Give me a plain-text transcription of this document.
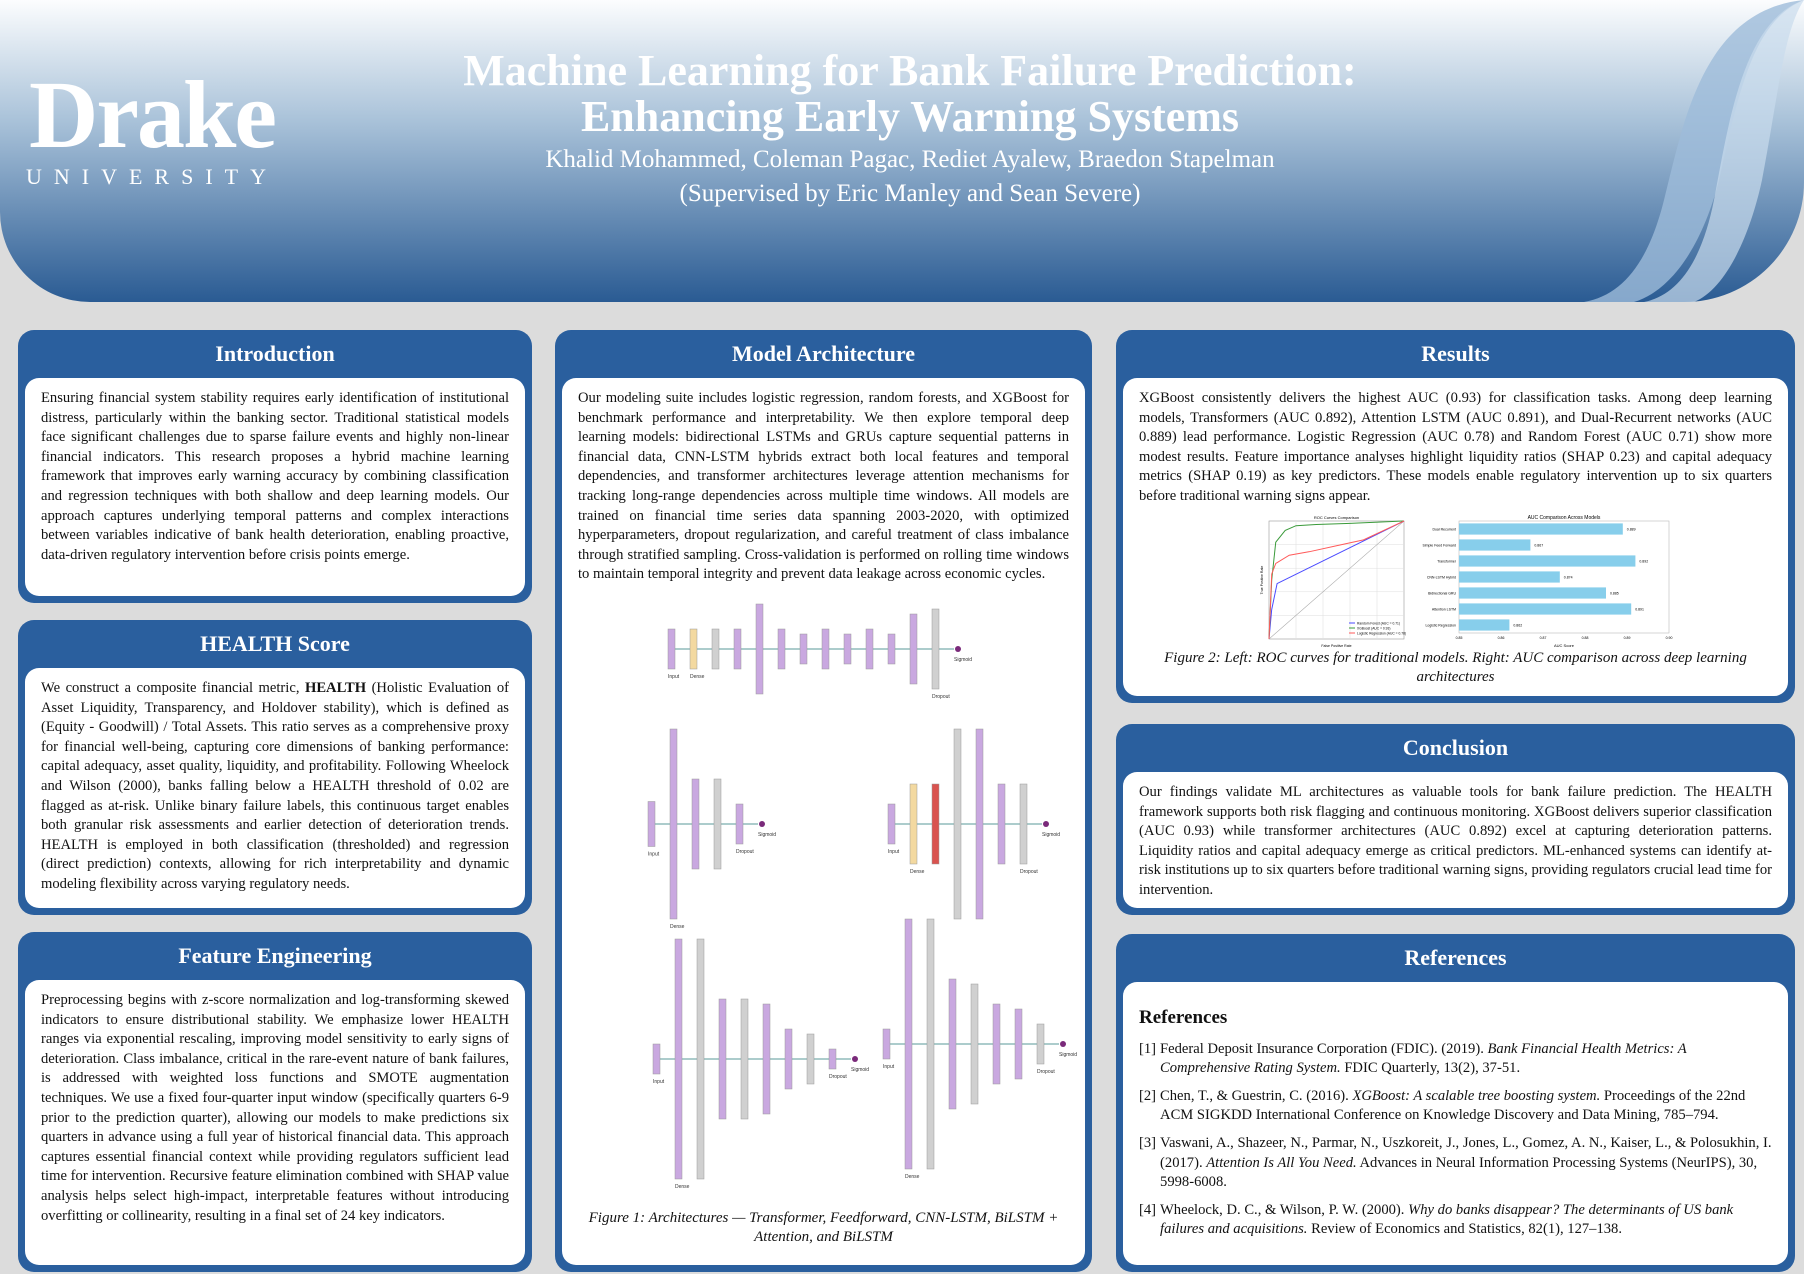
Drake
UNIVERSITY
Machine Learning for Bank Failure Prediction:
Enhancing Early Warning Systems
Khalid Mohammed, Coleman Pagac, Rediet Ayalew, Braedon Stapelman
(Supervised by Eric Manley and Sean Severe)
Introduction
Ensuring financial system stability requires early identification of institutional distress, particularly within the banking sector. Traditional statistical models face significant challenges due to sparse failure events and highly non-linear financial indicators. This research proposes a hybrid machine learning framework that improves early warning accuracy by combining classification and regression techniques with both shallow and deep learning models. Our approach captures underlying temporal patterns and complex interactions between variables indicative of bank health deterioration, enabling proactive, data-driven regulatory intervention before crisis points emerge.
HEALTH Score
We construct a composite financial metric, HEALTH (Holistic Evaluation of Asset Liquidity, Transparency, and Holdover stability), which is defined as (Equity - Goodwill) / Total Assets. This ratio serves as a comprehensive proxy for financial well-being, capturing core dimensions of banking performance: capital adequacy, asset quality, liquidity, and profitability. Following Wheelock and Wilson (2000), banks falling below a HEALTH threshold of 0.02 are flagged as at-risk. Unlike binary failure labels, this continuous target enables both granular risk assessments and earlier detection of deterioration trends. HEALTH is employed in both classification (thresholded) and regression (direct prediction) contexts, allowing for rich interpretability and dynamic modeling flexibility across varying regulatory needs.
Feature Engineering
Preprocessing begins with z-score normalization and log-transforming skewed indicators to ensure distributional stability. We emphasize lower HEALTH ranges via exponential rescaling, improving model sensitivity to early signs of deterioration. Class imbalance, critical in the rare-event nature of bank failures, is addressed with weighted loss functions and SMOTE augmentation techniques. We use a fixed four-quarter input window (specifically quarters 6-9 prior to the prediction quarter), allowing our models to make predictions six quarters in advance using a full year of historical financial data. This approach captures essential financial context while providing regulators sufficient lead time for intervention. Recursive feature elimination combined with SHAP value analysis helps select high-impact, interpretable features without introducing overfitting or collinearity, resulting in a final set of 24 key indicators.
Model Architecture
Our modeling suite includes logistic regression, random forests, and XGBoost for benchmark performance and interpretability. We then explore temporal deep learning models: bidirectional LSTMs and GRUs capture sequential patterns in financial data, CNN-LSTM hybrids extract both local features and temporal dependencies, and transformer architectures leverage attention mechanisms for tracking long-range dependencies across multiple time windows. All models are trained on financial time series data spanning 2003-2020, with optimized hyperparameters, dropout regularization, and careful treatment of class imbalance through stratified sampling. Cross-validation is performed on rolling time windows to maintain temporal integrity and prevent data leakage across economic cycles.
Input Dense
Dropout
Sigmoid
Input
Dense
Dropout
Sigmoid
Input
Dense	Dropout
Sigmoid
Input
Dense
Dropout
Sigmoid	Input
Dense
Dropout
Sigmoid
Figure 1: Architectures — Transformer, Feedforward, CNN-LSTM, BiLSTM + Attention, and BiLSTM
Results
XGBoost consistently delivers the highest AUC (0.93) for classification tasks. Among deep learning models, Transformers (AUC 0.892), Attention LSTM (AUC 0.891), and Dual-Recurrent networks (AUC 0.889) lead performance. Logistic Regression (AUC 0.78) and Random Forest (AUC 0.71) show more modest results. Feature importance analyses highlight liquidity ratios (SHAP 0.23) and capital adequacy metrics (SHAP 0.19) as key predictors. These models enable regulatory intervention up to six quarters before traditional warning signs appear.
ROC Curves Comparison
False Positive Rate
True Positive Rate
Random Forest (AUC = 0.71)
XGBoost (AUC = 0.93)
Logistic Regression (AUC = 0.78)
AUC Comparison Across Models
AUC Score
0.85	0.86	0.87	0.88	0.89	0.90
Dual Recurrent	0.889
Simple Feed Forward	0.867
Transformer	0.892
CNN-LSTM Hybrid	0.874
Bidirectional GRU	0.885
Attention LSTM	0.891
Logistic Regression	0.862
Figure 2: Left: ROC curves for traditional models. Right: AUC comparison across deep learning architectures
Conclusion
Our findings validate ML architectures as valuable tools for bank failure prediction. The HEALTH framework supports both risk flagging and continuous monitoring. XGBoost delivers superior classification (AUC 0.93) while transformer architectures (AUC 0.892) excel at capturing deterioration patterns. Liquidity ratios and capital adequacy emerge as critical predictors. ML-enhanced systems can identify at-risk institutions up to six quarters before traditional warning signs, providing regulators crucial lead time for intervention.
References
References
[1] Federal Deposit Insurance Corporation (FDIC). (2019). Bank Financial Health Metrics: A Comprehensive Rating System. FDIC Quarterly, 13(2), 37-51.
[2] Chen, T., & Guestrin, C. (2016). XGBoost: A scalable tree boosting system. Proceedings of the 22nd ACM SIGKDD International Conference on Knowledge Discovery and Data Mining, 785–794.
[3] Vaswani, A., Shazeer, N., Parmar, N., Uszkoreit, J., Jones, L., Gomez, A. N., Kaiser, L., & Polosukhin, I. (2017). Attention Is All You Need. Advances in Neural Information Processing Systems (NeurIPS), 30, 5998-6008.
[4] Wheelock, D. C., & Wilson, P. W. (2000). Why do banks disappear? The determinants of US bank failures and acquisitions. Review of Economics and Statistics, 82(1), 127–138.
